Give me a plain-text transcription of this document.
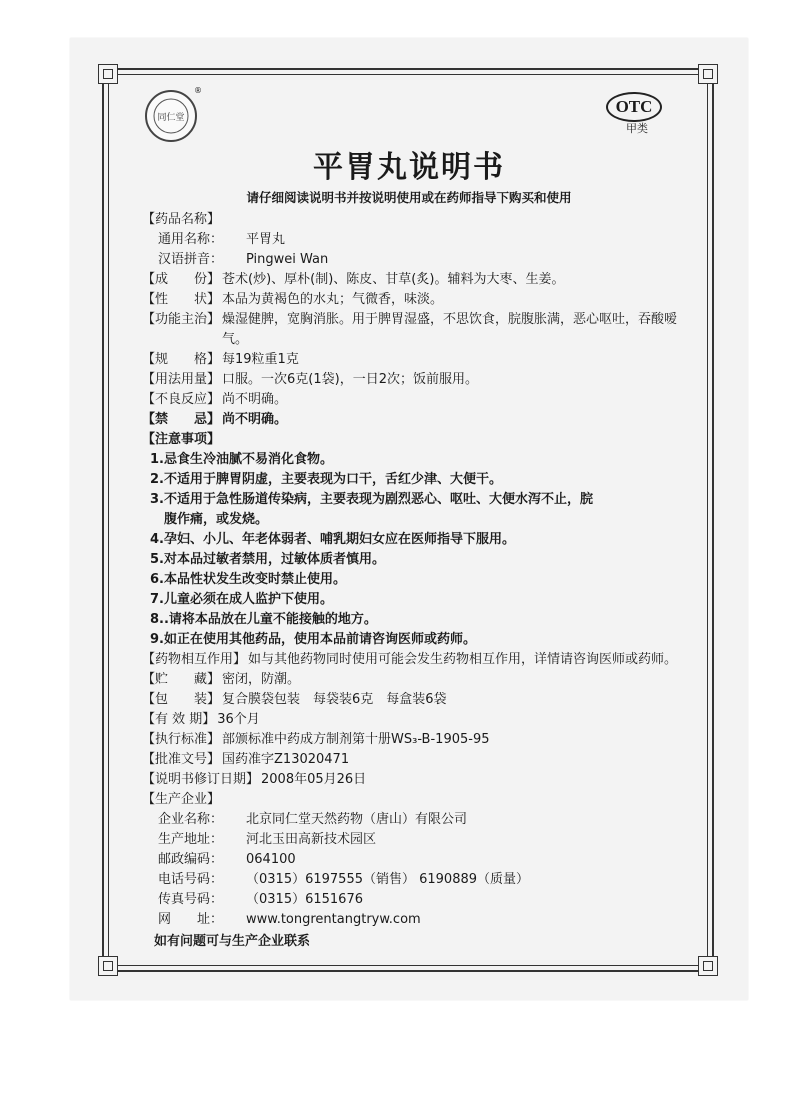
同仁堂
®
OTC
甲类
平胃丸说明书
请仔细阅读说明书并按说明使用或在药师指导下购买和使用
【药品名称】
通用名称：	平胃丸
汉语拼音：	Pingwei Wan
【成　　份】 苍术(炒)、厚朴(制)、陈皮、甘草(炙)。辅料为大枣、生姜。
【性　　状】 本品为黄褐色的水丸；气微香，味淡。
【功能主治】 燥湿健脾，宽胸消胀。用于脾胃湿盛，不思饮食，脘腹胀满，恶心呕吐，吞酸嗳气。
【规　　格】 每19粒重1克
【用法用量】 口服。一次6克(1袋)，一日2次；饭前服用。
【不良反应】 尚不明确。
【禁　　忌】 尚不明确。
【注意事项】
1.忌食生冷油腻不易消化食物。
2.不适用于脾胃阴虚，主要表现为口干，舌红少津、大便干。
3.不适用于急性肠道传染病，主要表现为剧烈恶心、呕吐、大便水泻不止，脘
腹作痛，或发烧。
4.孕妇、小儿、年老体弱者、哺乳期妇女应在医师指导下服用。
5.对本品过敏者禁用，过敏体质者慎用。
6.本品性状发生改变时禁止使用。
7.儿童必须在成人监护下使用。
8..请将本品放在儿童不能接触的地方。
9.如正在使用其他药品，使用本品前请咨询医师或药师。
【药物相互作用】 如与其他药物同时使用可能会发生药物相互作用，详情请咨询医师或药师。
【贮　　藏】 密闭，防潮。
【包　　装】 复合膜袋包装　每袋装6克　每盒装6袋
【有 效 期】 36个月
【执行标准】 部颁标准中药成方制剂第十册WS₃-B-1905-95
【批准文号】 国药准字Z13020471
【说明书修订日期】 2008年05月26日
【生产企业】
企业名称：	北京同仁堂天然药物（唐山）有限公司
生产地址：	河北玉田高新技术园区
邮政编码：	064100
电话号码：	（0315）6197555（销售） 6190889（质量）
传真号码：	（0315）6151676
网　　址：	www.tongrentangtryw.com
如有问题可与生产企业联系
